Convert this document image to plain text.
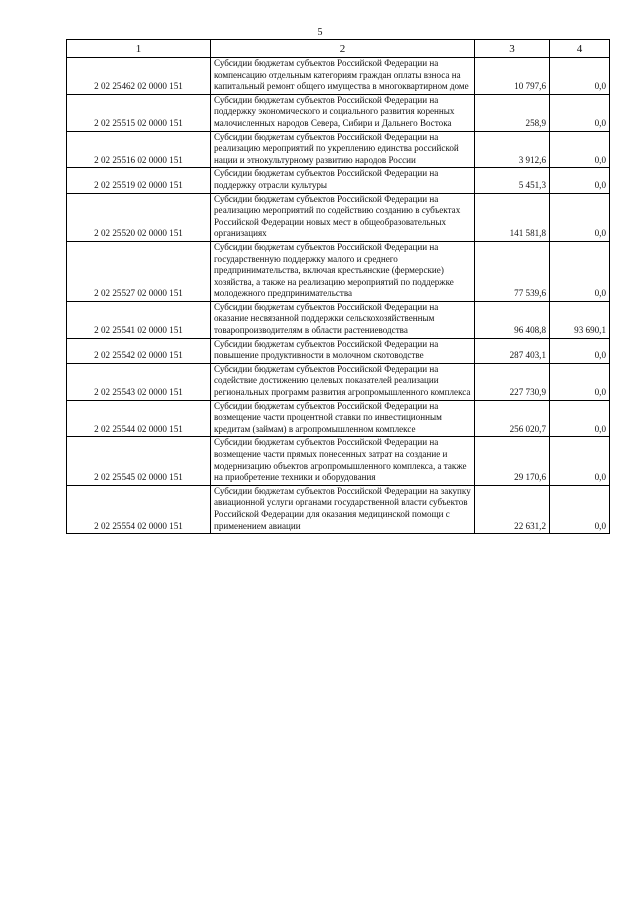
5
1	2	3	4
2 02 25462 02 0000 151	Субсидии бюджетам субъектов Российской Федерации на компенсацию отдельным категориям граждан оплаты взноса на капитальный ремонт общего имущества в многоквартирном доме	10 797,6	0,0
2 02 25515 02 0000 151	Субсидии бюджетам субъектов Российской Федерации на поддержку экономического и социального развития коренных малочисленных народов Севера, Сибири и Дальнего Востока	258,9	0,0
2 02 25516 02 0000 151	Субсидии бюджетам субъектов Российской Федерации на реализацию мероприятий по укреплению единства российской нации и этнокультурному развитию народов России	3 912,6	0,0
2 02 25519 02 0000 151	Субсидии бюджетам субъектов Российской Федерации на поддержку отрасли культуры	5 451,3	0,0
2 02 25520 02 0000 151	Субсидии бюджетам субъектов Российской Федерации на реализацию мероприятий по содействию созданию в субъектах Российской Федерации новых мест в общеобразовательных организациях	141 581,8	0,0
2 02 25527 02 0000 151	Субсидии бюджетам субъектов Российской Федерации на государственную поддержку малого и среднего предпринимательства, включая крестьянские (фермерские) хозяйства, а также на реализацию мероприятий по поддержке молодежного предпринимательства	77 539,6	0,0
2 02 25541 02 0000 151	Субсидии бюджетам субъектов Российской Федерации на оказание несвязанной поддержки сельскохозяйственным товаропроизводителям в области растениеводства	96 408,8	93 690,1
2 02 25542 02 0000 151	Субсидии бюджетам субъектов Российской Федерации на повышение продуктивности в молочном скотоводстве	287 403,1	0,0
2 02 25543 02 0000 151	Субсидии бюджетам субъектов Российской Федерации на содействие достижению целевых показателей реализации региональных программ развития агропромышленного комплекса	227 730,9	0,0
2 02 25544 02 0000 151	Субсидии бюджетам субъектов Российской Федерации на возмещение части процентной ставки по инвестиционным кредитам (займам) в агропромышленном комплексе	256 020,7	0,0
2 02 25545 02 0000 151	Субсидии бюджетам субъектов Российской Федерации на возмещение части прямых понесенных затрат на создание и модернизацию объектов агропромышленного комплекса, а также на приобретение техники и оборудования	29 170,6	0,0
2 02 25554 02 0000 151	Субсидии бюджетам субъектов Российской Федерации на закупку авиационной услуги органами государственной власти субъектов Российской Федерации для оказания медицинской помощи с применением авиации	22 631,2	0,0
